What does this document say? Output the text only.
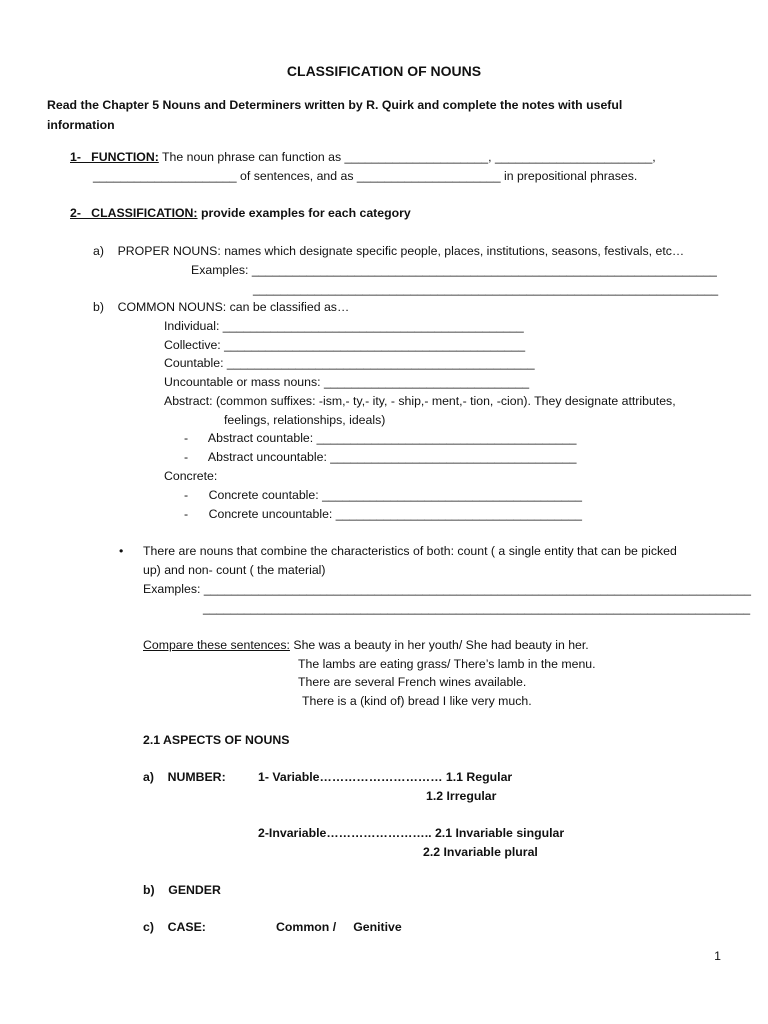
CLASSIFICATION OF NOUNS
Read the Chapter 5 Nouns and Determiners written by R. Quirk and complete the notes with useful
information
1-   FUNCTION: The noun phrase can function as _____________________, _______________________,
_____________________ of sentences, and as _____________________ in prepositional phrases.
2-   CLASSIFICATION: provide examples for each category
a)    PROPER NOUNS: names which designate specific people, places, institutions, seasons, festivals, etc…
Examples: ____________________________________________________________________
____________________________________________________________________
b)    COMMON NOUNS: can be classified as…
Individual: ____________________________________________
Collective: ____________________________________________
Countable: _____________________________________________
Uncountable or mass nouns: ______________________________
Abstract: (common suffixes: -ism,- ty,- ity, - ship,- ment,- tion, -cion). They designate attributes,
feelings, relationships, ideals)
-      Abstract countable: ______________________________________
-      Abstract uncountable: ____________________________________
Concrete:
-      Concrete countable: ______________________________________
-      Concrete uncountable: ____________________________________
• There are nouns that combine the characteristics of both: count ( a single entity that can be picked
up) and non- count ( the material)
Examples: ________________________________________________________________________________
________________________________________________________________________________
Compare these sentences: She was a beauty in her youth/ She had beauty in her.
The lambs are eating grass/ There’s lamb in the menu.
There are several French wines available.
There is a (kind of) bread I like very much.
2.1 ASPECTS OF NOUNS
a)    NUMBER:	1- Variable………………………… 1.1 Regular
1.2 Irregular
2-Invariable…………………….. 2.1 Invariable singular
2.2 Invariable plural
b)    GENDER
c)    CASE:	Common /     Genitive
1
